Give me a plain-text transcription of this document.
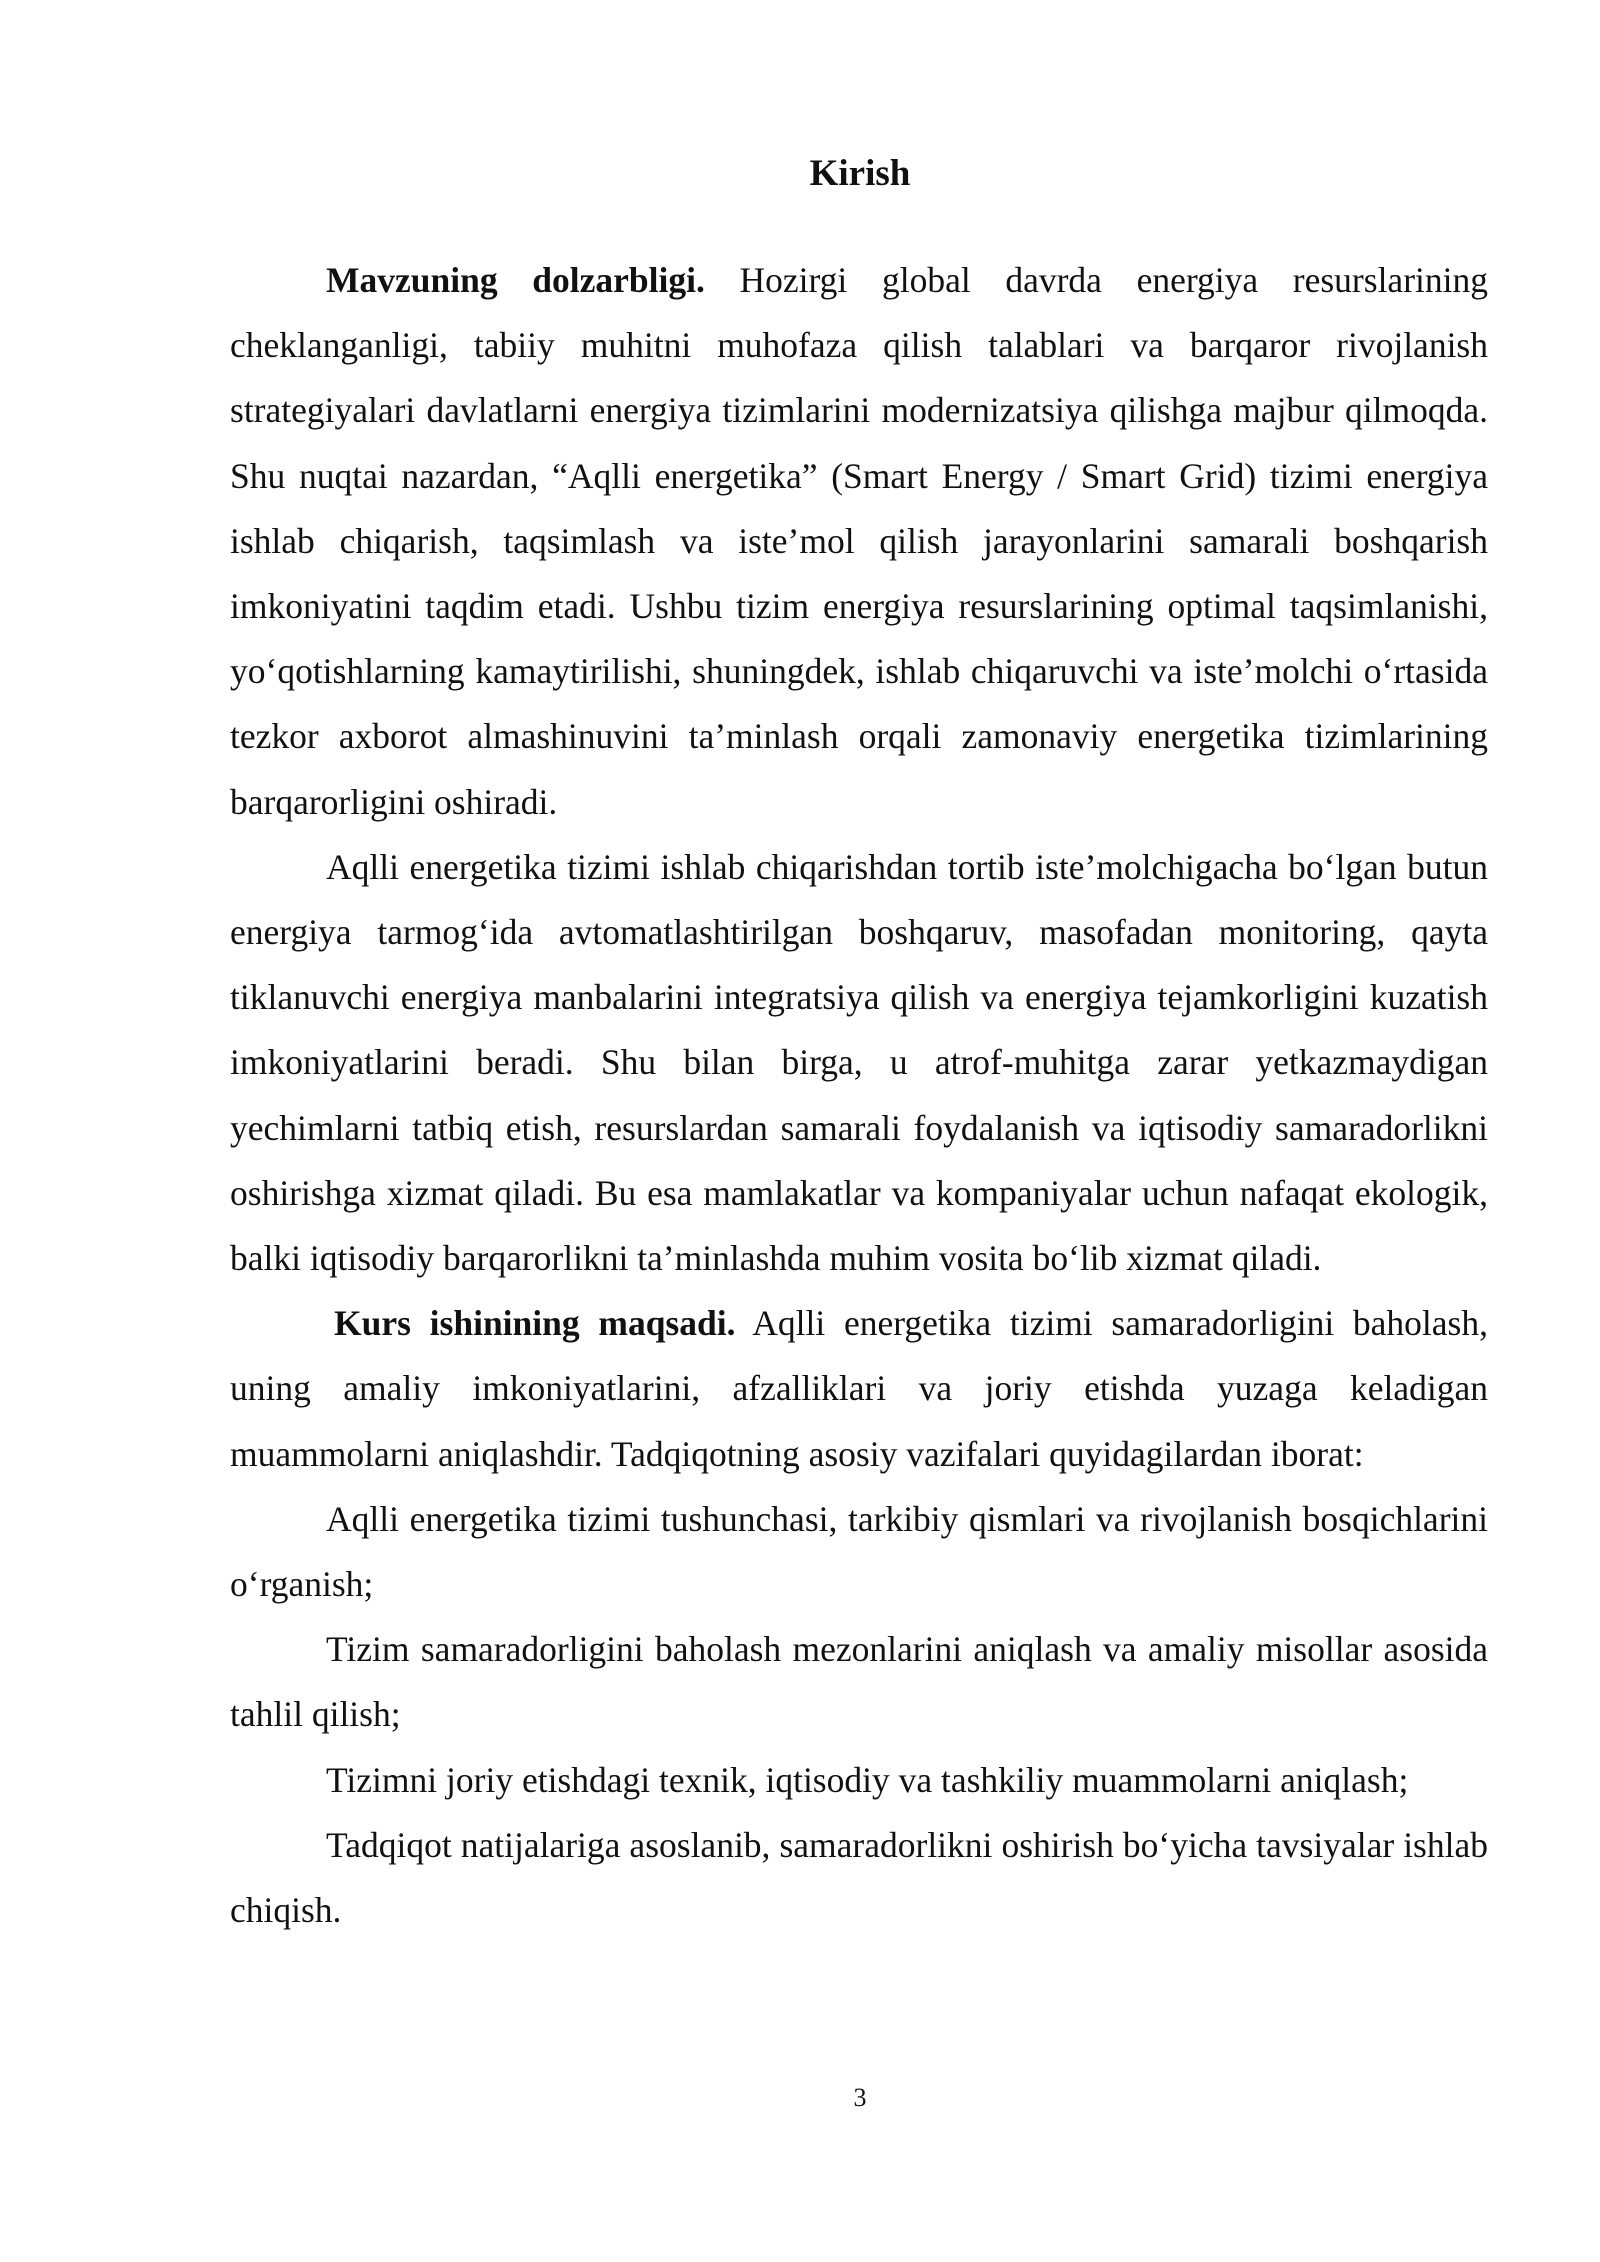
Kirish

Mavzuning dolzarbligi. Hozirgi global davrda energiya resurslarining cheklanganligi, tabiiy muhitni muhofaza qilish talablari va barqaror rivojlanish strategiyalari davlatlarni energiya tizimlarini modernizatsiya qilishga majbur qilmoqda. Shu nuqtai nazardan, “Aqlli energetika” (Smart Energy / Smart Grid) tizimi energiya ishlab chiqarish, taqsimlash va iste’mol qilish jarayonlarini samarali boshqarish imkoniyatini taqdim etadi. Ushbu tizim energiya resurslarining optimal taqsimlanishi, yo‘qotishlarning kamaytirilishi, shuningdek, ishlab chiqaruvchi va iste’molchi o‘rtasida tezkor axborot almashinuvini ta’minlash orqali zamonaviy energetika tizimlarining barqarorligini oshiradi.

Aqlli energetika tizimi ishlab chiqarishdan tortib iste’molchigacha bo‘lgan butun energiya tarmog‘ida avtomatlashtirilgan boshqaruv, masofadan monitoring, qayta tiklanuvchi energiya manbalarini integratsiya qilish va energiya tejamkorligini kuzatish imkoniyatlarini beradi. Shu bilan birga, u atrof-muhitga zarar yetkazmaydigan yechimlarni tatbiq etish, resurslardan samarali foydalanish va iqtisodiy samaradorlikni oshirishga xizmat qiladi. Bu esa mamlakatlar va kompaniyalar uchun nafaqat ekologik, balki iqtisodiy barqarorlikni ta’minlashda muhim vosita bo‘lib xizmat qiladi.

Kurs ishinining maqsadi. Aqlli energetika tizimi samaradorligini baholash, uning amaliy imkoniyatlarini, afzalliklari va joriy etishda yuzaga keladigan muammolarni aniqlashdir. Tadqiqotning asosiy vazifalari quyidagilardan iborat:

Aqlli energetika tizimi tushunchasi, tarkibiy qismlari va rivojlanish bosqichlarini o‘rganish;

Tizim samaradorligini baholash mezonlarini aniqlash va amaliy misollar asosida tahlil qilish;

Tizimni joriy etishdagi texnik, iqtisodiy va tashkiliy muammolarni aniqlash;

Tadqiqot natijalariga asoslanib, samaradorlikni oshirish bo‘yicha tavsiyalar ishlab chiqish.

3
